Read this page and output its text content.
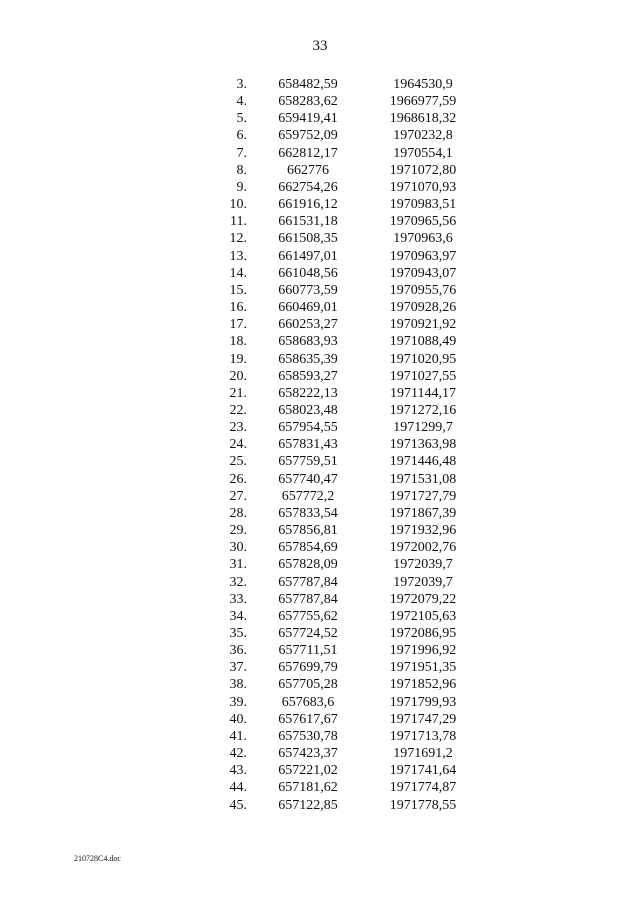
33
3.	658482,59	1964530,9	
4.	658283,62	1966977,59	
5.	659419,41	1968618,32	
6.	659752,09	1970232,8	
7.	662812,17	1970554,1	
8.	662776	1971072,80	
9.	662754,26	1971070,93	
10.	661916,12	1970983,51	
11.	661531,18	1970965,56	
12.	661508,35	1970963,6	
13.	661497,01	1970963,97	
14.	661048,56	1970943,07	
15.	660773,59	1970955,76	
16.	660469,01	1970928,26	
17.	660253,27	1970921,92	
18.	658683,93	1971088,49	
19.	658635,39	1971020,95	
20.	658593,27	1971027,55	
21.	658222,13	1971144,17	
22.	658023,48	1971272,16	
23.	657954,55	1971299,7	
24.	657831,43	1971363,98	
25.	657759,51	1971446,48	
26.	657740,47	1971531,08	
27.	657772,2	1971727,79	
28.	657833,54	1971867,39	
29.	657856,81	1971932,96	
30.	657854,69	1972002,76	
31.	657828,09	1972039,7	
32.	657787,84	1972039,7	
33.	657787,84	1972079,22	
34.	657755,62	1972105,63	
35.	657724,52	1972086,95	
36.	657711,51	1971996,92	
37.	657699,79	1971951,35	
38.	657705,28	1971852,96	
39.	657683,6	1971799,93	
40.	657617,67	1971747,29	
41.	657530,78	1971713,78	
42.	657423,37	1971691,2	
43.	657221,02	1971741,64	
44.	657181,62	1971774,87	
45.	657122,85	1971778,55	
210728C4.doc
